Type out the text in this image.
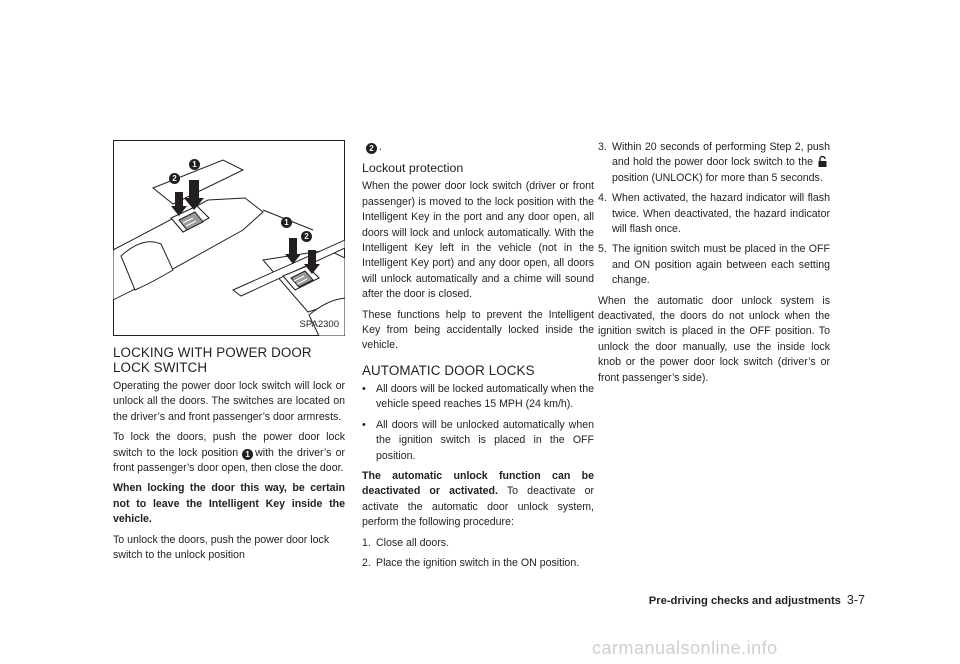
1
2
1
2
SPA2300
LOCKING WITH POWER DOOR LOCK SWITCH

Operating the power door lock switch will lock or unlock all the doors. The switches are located on the driver’s and front passenger’s door armrests.

To lock the doors, push the power door lock switch to the lock position 1 with the driver’s or front passenger’s door open, then close the door.

When locking the door this way, be certain not to leave the Intelligent Key inside the vehicle.

To unlock the doors, push the power door lock switch to the unlock position

2 .

Lockout protection

When the power door lock switch (driver or front passenger) is moved to the lock position with the Intelligent Key in the port and any door open, all doors will lock and unlock automatically. With the Intelligent Key left in the vehicle (not in the Intelligent Key port) and any door open, all doors will unlock automatically and a chime will sound after the door is closed.

These functions help to prevent the Intelligent Key from being accidentally locked inside the vehicle.

AUTOMATIC DOOR LOCKS
• All doors will be locked automatically when the vehicle speed reaches 15 MPH (24 km/h).
• All doors will be unlocked automatically when the ignition switch is placed in the OFF position.

The automatic unlock function can be deactivated or activated. To deactivate or activate the automatic door unlock system, perform the following procedure:

1. Close all doors.
2. Place the ignition switch in the ON position.
3. Within 20 seconds of performing Step 2, push and hold the power door lock switch to theposition (UNLOCK) for more than 5 seconds.
4. When activated, the hazard indicator will flash twice. When deactivated, the hazard indicator will flash once.
5. The ignition switch must be placed in the OFF and ON position again between each setting change.

When the automatic door unlock system is deactivated, the doors do not unlock when the ignition switch is placed in the OFF position. To unlock the door manually, use the inside lock knob or the power door lock switch (driver’s or front passenger’s side).

Pre-driving checks and adjustments 3-7
carmanualsonline.info
